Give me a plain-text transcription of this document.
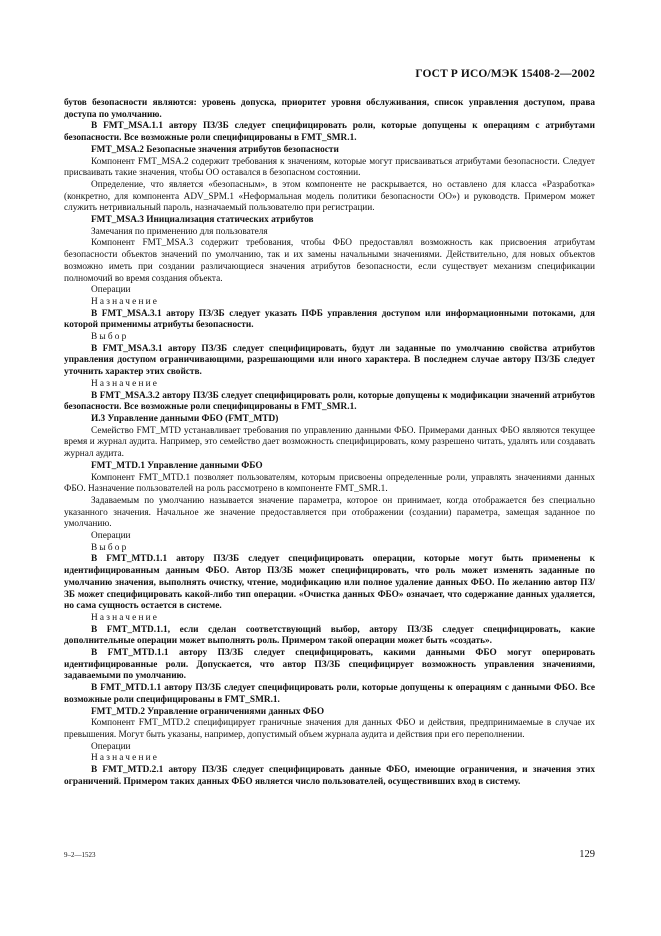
ГОСТ Р ИСО/МЭК 15408-2—2002

бутов безопасности являются: уровень допуска, приоритет уровня обслуживания, список управления доступом, права доступа по умолчанию.

В FMT_MSA.1.1 автору ПЗ/ЗБ следует специфицировать роли, которые допущены к операциям с атрибутами безопасности. Все возможные роли специфицированы в FMT_SMR.1.

FMT_MSA.2 Безопасные значения атрибутов безопасности

Компонент FMT_MSA.2 содержит требования к значениям, которые могут присваиваться атрибутами безопасности. Следует присваивать такие значения, чтобы ОО оставался в безопасном состоянии.

Определение, что является «безопасным», в этом компоненте не раскрывается, но оставлено для класса «Разработка» (конкретно, для компонента ADV_SPM.1 «Неформальная модель политики безопасности ОО») и руководств. Примером может служить нетривиальный пароль, назначаемый пользователю при регистрации.

FMT_MSA.3 Инициализация статических атрибутов

Замечания по применению для пользователя

Компонент FMT_MSA.3 содержит требования, чтобы ФБО предоставлял возможность как присвоения атрибутам безопасности объектов значений по умолчанию, так и их замены начальными значениями. Действительно, для новых объектов возможно иметь при создании различающиеся значения атрибутов безопасности, если существует механизм спецификации полномочий во время создания объекта.

Операции

Назначение

В FMT_MSA.3.1 автору ПЗ/ЗБ следует указать ПФБ управления доступом или информационными потоками, для которой применимы атрибуты безопасности.

Выбор

В FMT_MSA.3.1 автору ПЗ/ЗБ следует специфицировать, будут ли заданные по умолчанию свойства атрибутов управления доступом ограничивающими, разрешающими или иного характера. В последнем случае автору ПЗ/ЗБ следует уточнить характер этих свойств.

Назначение

В FMT_MSA.3.2 автору ПЗ/ЗБ следует специфицировать роли, которые допущены к модификации значений атрибутов безопасности. Все возможные роли специфицированы в FMT_SMR.1.

И.3 Управление данными ФБО (FMT_MTD)

Семейство FMT_MTD устанавливает требования по управлению данными ФБО. Примерами данных ФБО являются текущее время и журнал аудита. Например, это семейство дает возможность специфицировать, кому разрешено читать, удалять или создавать журнал аудита.

FMT_MTD.1 Управление данными ФБО

Компонент FMT_MTD.1 позволяет пользователям, которым присвоены определенные роли, управлять значениями данных ФБО. Назначение пользователей на роль рассмотрено в компоненте FMT_SMR.1.

Задаваемым по умолчанию называется значение параметра, которое он принимает, когда отображается без специально указанного значения. Начальное же значение предоставляется при отображении (создании) параметра, замещая заданное по умолчанию.

Операции

Выбор

В FMT_MTD.1.1 автору ПЗ/ЗБ следует специфицировать операции, которые могут быть применены к идентифицированным данным ФБО. Автор ПЗ/ЗБ может специфицировать, что роль может изменять заданные по умолчанию значения, выполнять очистку, чтение, модификацию или полное удаление данных ФБО. По желанию автор ПЗ/ЗБ может специфицировать какой-либо тип операции. «Очистка данных ФБО» означает, что содержание данных удаляется, но сама сущность остается в системе.

Назначение

В FMT_MTD.1.1, если сделан соответствующий выбор, автору ПЗ/ЗБ следует специфицировать, какие дополнительные операции может выполнять роль. Примером такой операции может быть «создать».

В FMT_MTD.1.1 автору ПЗ/ЗБ следует специфицировать, какими данными ФБО могут оперировать идентифицированные роли. Допускается, что автор ПЗ/ЗБ специфицирует возможность управления значениями, задаваемыми по умолчанию.

В FMT_MTD.1.1 автору ПЗ/ЗБ следует специфицировать роли, которые допущены к операциям с данными ФБО. Все возможные роли специфицированы в FMT_SMR.1.

FMT_MTD.2 Управление ограничениями данных ФБО

Компонент FMT_MTD.2 специфицирует граничные значения для данных ФБО и действия, предпринимаемые в случае их превышения. Могут быть указаны, например, допустимый объем журнала аудита и действия при его переполнении.

Операции

Назначение

В FMT_MTD.2.1 автору ПЗ/ЗБ следует специфицировать данные ФБО, имеющие ограничения, и значения этих ограничений. Примером таких данных ФБО является число пользователей, осуществивших вход в систему.

9–2—1523	129
